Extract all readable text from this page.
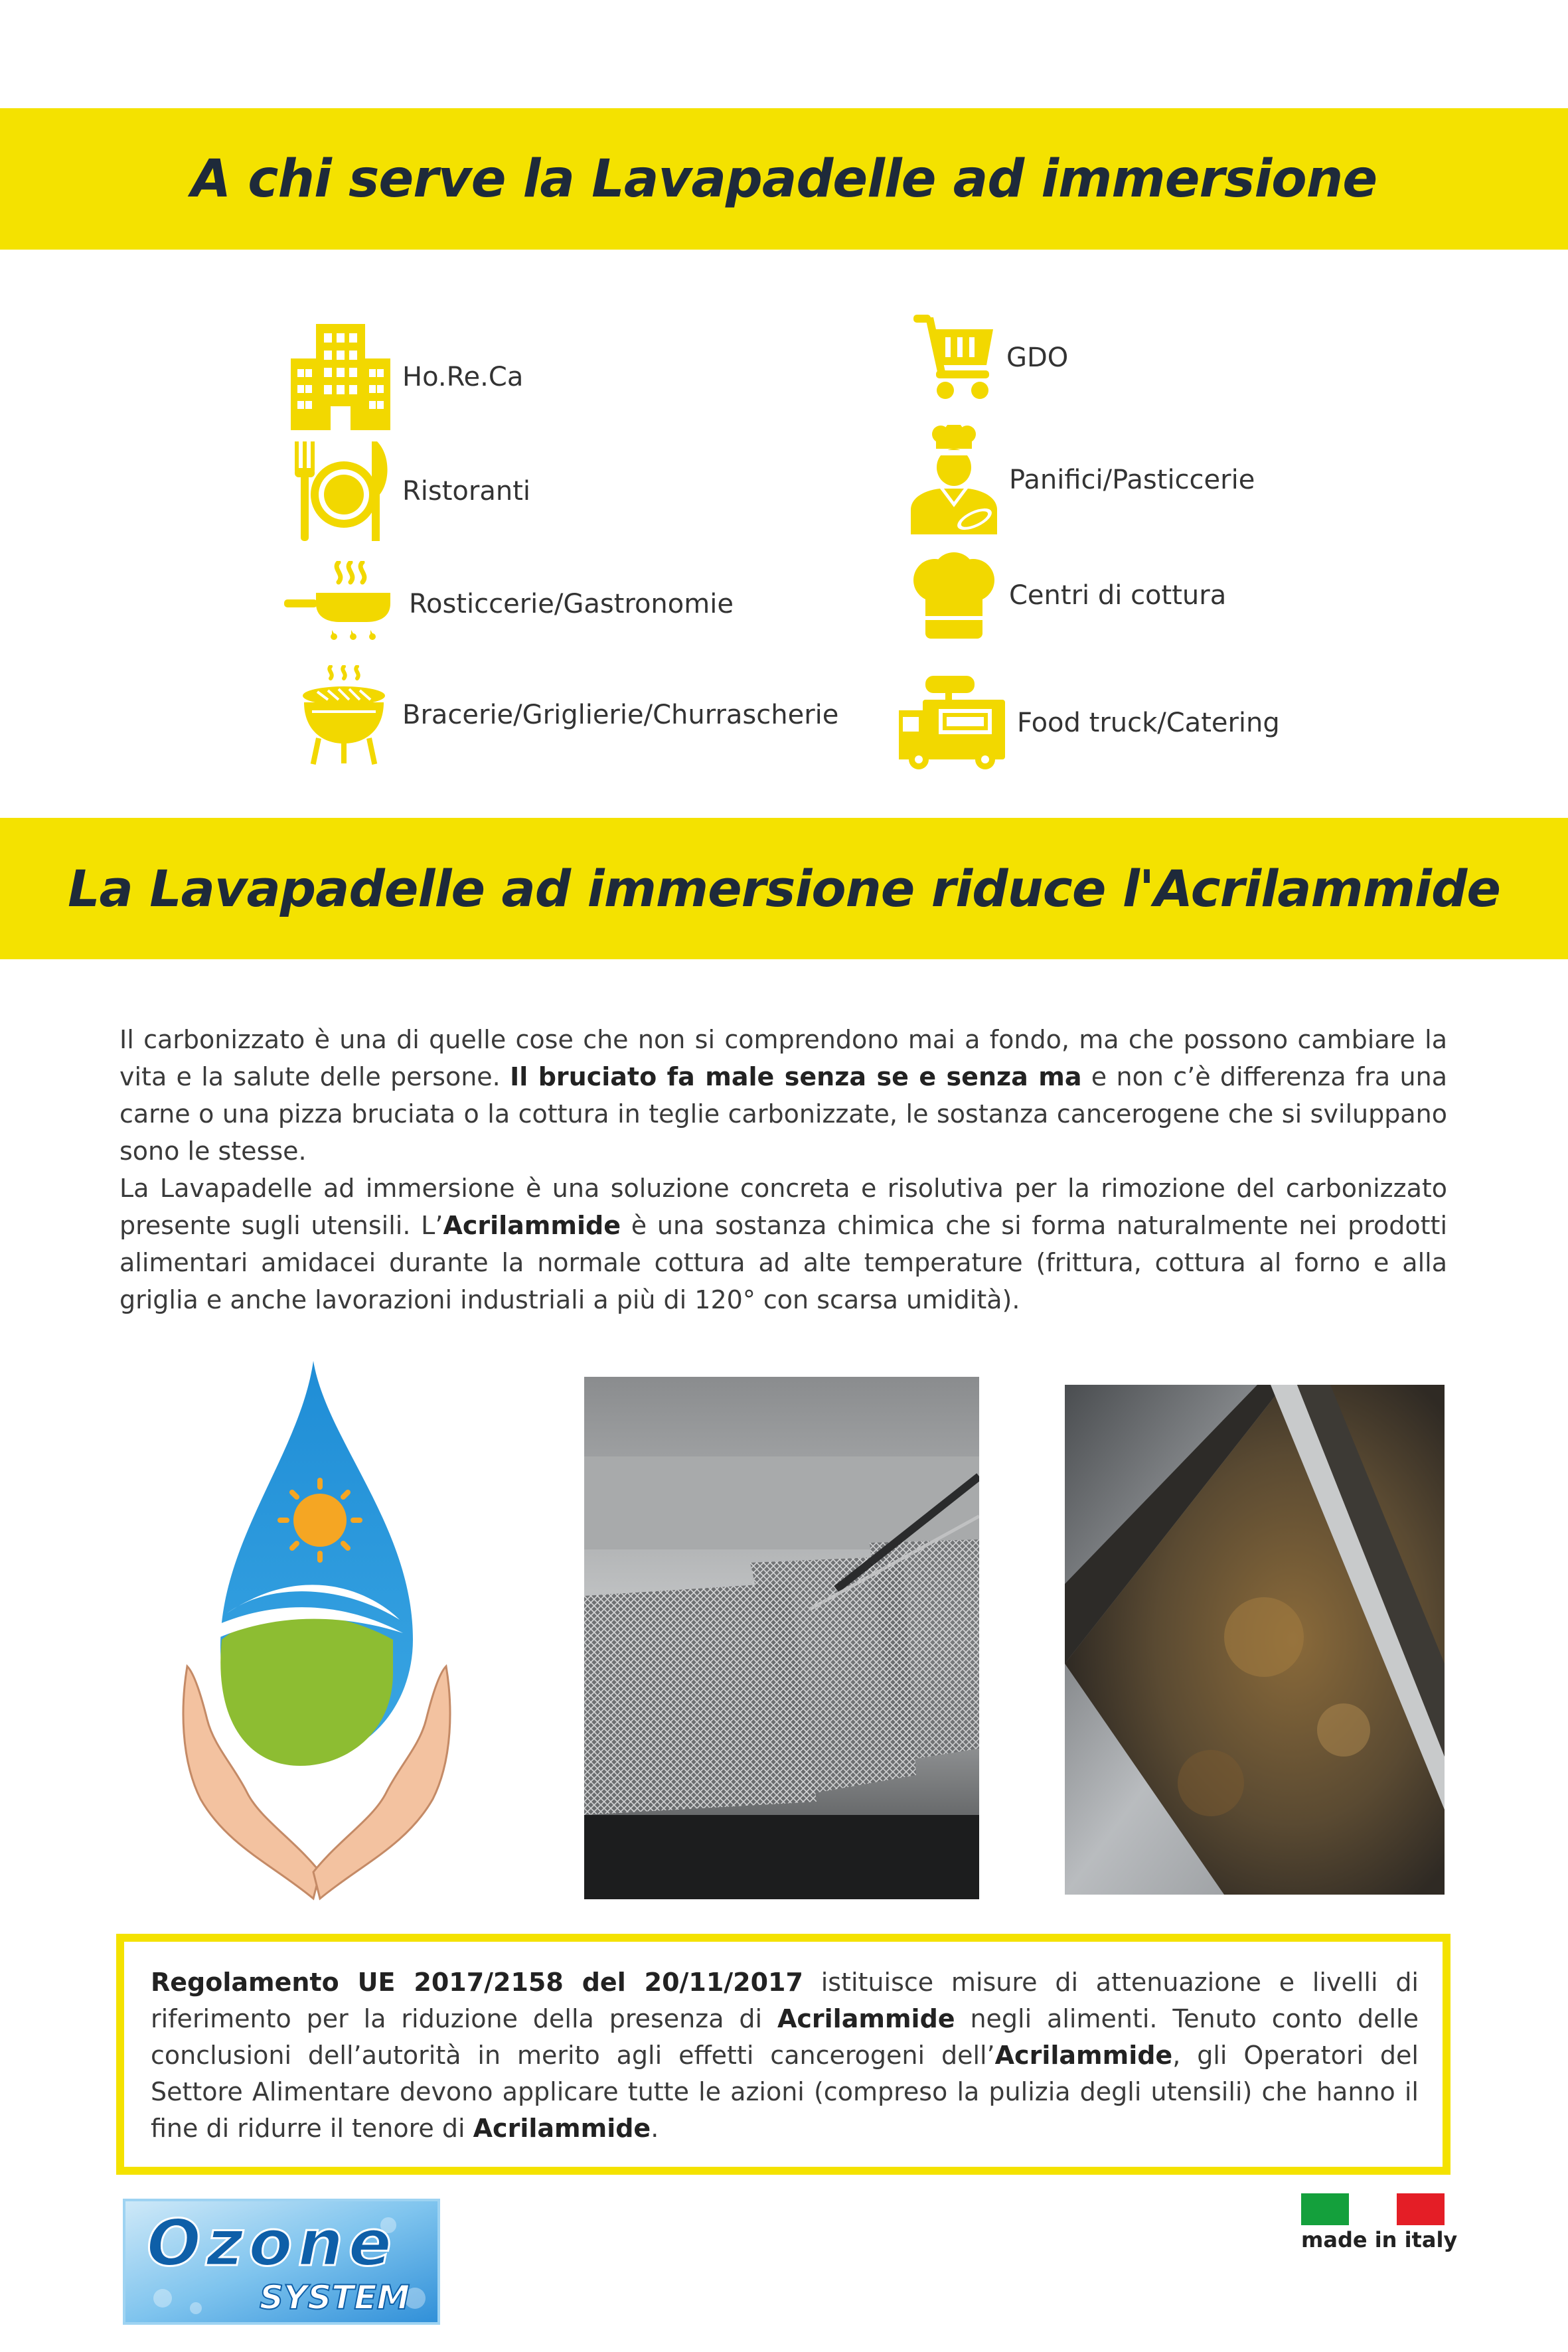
A chi serve la Lavapadelle ad immersione
Ho.Re.Ca
Ristoranti
Rosticcerie/Gastronomie
Bracerie/Griglierie/Churrascherie
GDO
Panifici/Pasticcerie
Centri di cottura
Food truck/Catering
La Lavapadelle ad immersione riduce l'Acrilammide

Il carbonizzato è una di quelle cose che non si comprendono mai a fondo, ma che possono cambiare la vita e la salute delle persone. Il bruciato fa male senza se e senza ma e non c’è differenza fra una carne o una pizza bruciata o la cottura in teglie carbonizzate, le sostanza cancerogene che si sviluppano sono le stesse.

La Lavapadelle ad immersione è una soluzione concreta e risolutiva per la rimozione del carbonizzato presente sugli utensili. L’Acrilammide è una sostanza chimica che si forma naturalmente nei prodotti alimentari amidacei durante la normale cottura ad alte temperature (frittura, cottura al forno e alla griglia e anche lavorazioni industriali a più di 120° con scarsa umidità).

Regolamento UE 2017/2158 del 20/11/2017 istituisce misure di attenuazione e livelli di riferimento per la riduzione della presenza di Acrilammide negli alimenti. Tenuto conto delle conclusioni dell’autorità in merito agli effetti cancerogeni dell’Acrilammide, gli Operatori del Settore Alimentare devono applicare tutte le azioni (compreso la pulizia degli utensili) che hanno il fine di ridurre il tenore di Acrilammide.
Ozone
SYSTEM
made in italy
